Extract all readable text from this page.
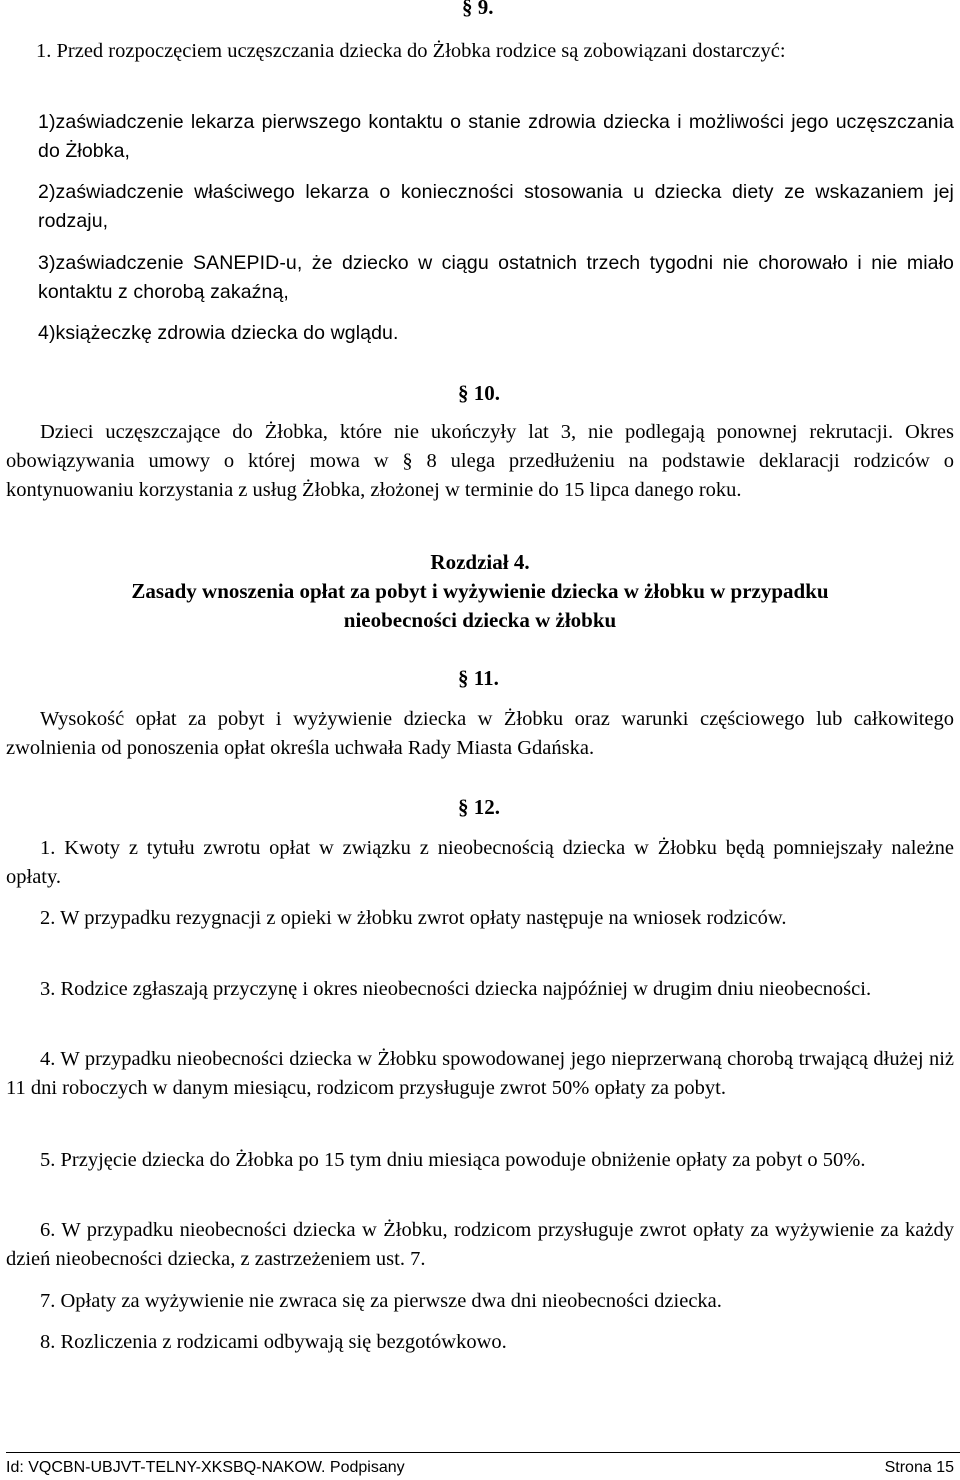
§ 9.

1. Przed rozpoczęciem uczęszczania dziecka do Żłobka rodzice są zobowiązani dostarczyć:

1)zaświadczenie lekarza pierwszego kontaktu o stanie zdrowia dziecka i możliwości jego uczęszczania do Żłobka,

2)zaświadczenie właściwego lekarza o konieczności stosowania u dziecka diety ze wskazaniem jej rodzaju,

3)zaświadczenie SANEPID-u, że dziecko w ciągu ostatnich trzech tygodni nie chorowało i nie miało kontaktu z chorobą zakaźną,

4)książeczkę zdrowia dziecka do wglądu.

§ 10.

Dzieci uczęszczające do Żłobka, które nie ukończyły lat 3, nie podlegają ponownej rekrutacji. Okres obowiązywania umowy o której mowa w § 8 ulega przedłużeniu na podstawie deklaracji rodziców o kontynuowaniu korzystania z usług Żłobka, złożonej w terminie do 15 lipca danego roku.

Rozdział 4.
Zasady wnoszenia opłat za pobyt i wyżywienie dziecka w żłobku w przypadku
nieobecności dziecka w żłobku
§ 11.

Wysokość opłat za pobyt i wyżywienie dziecka w Żłobku oraz warunki częściowego lub całkowitego zwolnienia od ponoszenia opłat określa uchwała Rady Miasta Gdańska.

§ 12.

1. Kwoty z tytułu zwrotu opłat w związku z nieobecnością dziecka w Żłobku będą pomniejszały należne opłaty.

2. W przypadku rezygnacji z opieki w żłobku zwrot opłaty następuje na wniosek rodziców.

3. Rodzice zgłaszają przyczynę i okres nieobecności dziecka najpóźniej w drugim dniu nieobecności.

4. W przypadku nieobecności dziecka w Żłobku spowodowanej jego nieprzerwaną chorobą trwającą dłużej niż 11 dni roboczych w danym miesiącu, rodzicom przysługuje zwrot 50% opłaty za pobyt.

5. Przyjęcie dziecka do Żłobka po 15 tym dniu miesiąca powoduje obniżenie opłaty za pobyt o 50%.

6. W przypadku nieobecności dziecka w Żłobku, rodzicom przysługuje zwrot opłaty za wyżywienie za każdy dzień nieobecności dziecka, z zastrzeżeniem ust. 7.

7. Opłaty za wyżywienie nie zwraca się za pierwsze dwa dni nieobecności dziecka.

8. Rozliczenia z rodzicami odbywają się bezgotówkowo.

Id: VQCBN-UBJVT-TELNY-XKSBQ-NAKOW. Podpisany	Strona 15
